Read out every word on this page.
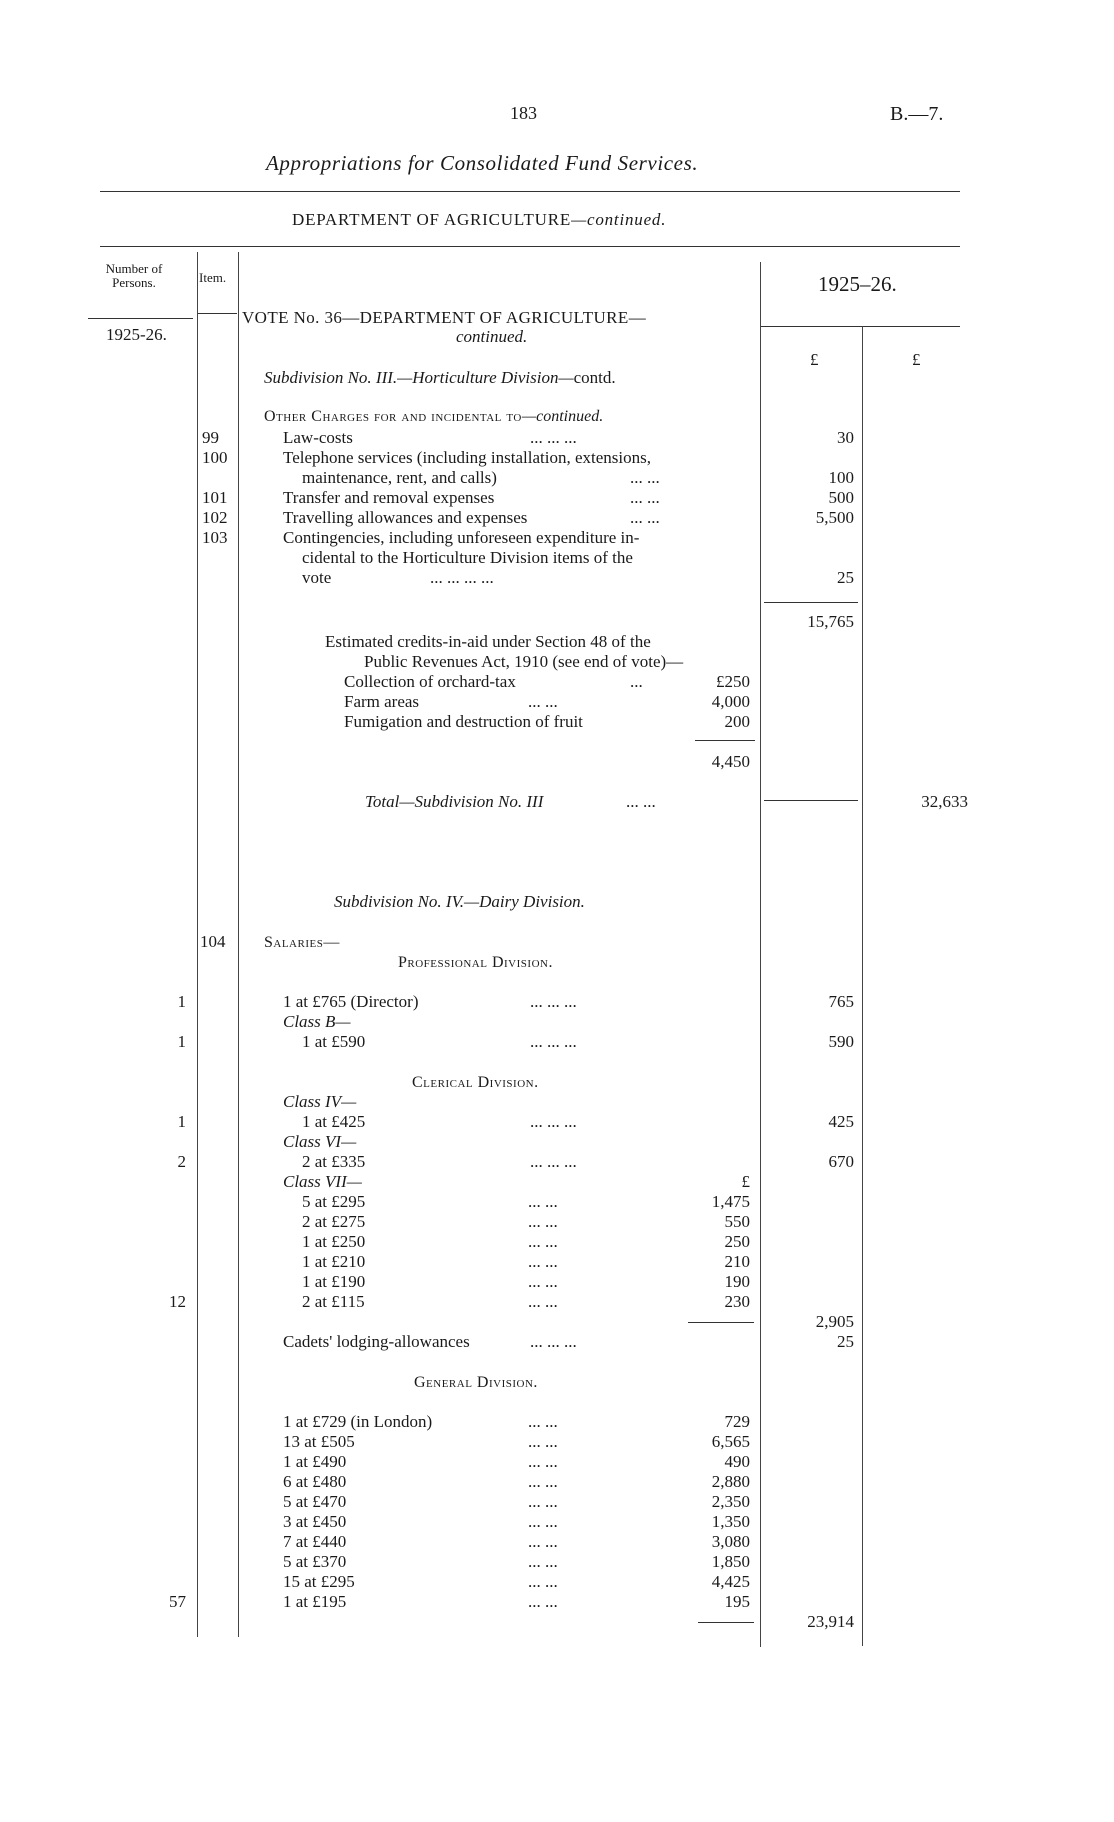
183	B.—7.
Appropriations for Consolidated Fund Services.
DEPARTMENT OF AGRICULTURE—continued.
Number of Persons.	Item.	1925–26.
1925-26.
£	£
VOTE No. 36—DEPARTMENT OF AGRICULTURE—
continued.
Subdivision No. III.—Horticulture Division—contd.
Other Charges for and incidental to—continued.
99	Law-costs	... ... ...	30
100	Telephone services (including installation, extensions,
maintenance, rent, and calls)	... ...	100
101	Transfer and removal expenses	... ...	500
102	Travelling allowances and expenses	... ...	5,500
103	Contingencies, including unforeseen expenditure in-
cidental to the Horticulture Division items of the
vote	... ... ... ...	25
15,765
Estimated credits-in-aid under Section 48 of the
Public Revenues Act, 1910 (see end of vote)—
Collection of orchard-tax	...	£250
Farm areas	... ...	4,000
Fumigation and destruction of fruit	200
4,450
Total—Subdivision No. III	... ...	32,633
Subdivision No. IV.—Dairy Division.
104 Salaries—
Professional Division.
1	1 at £765 (Director)	... ... ...	765
Class B—
1	1 at £590	... ... ...	590
Clerical Division.
Class IV—
1	1 at £425	... ... ...	425
Class VI—
2	2 at £335	... ... ...	670
Class VII—	£
5 at £295	... ...	1,475
2 at £275	... ...	550
1 at £250	... ...	250
1 at £210	... ...	210
1 at £190	... ...	190
12	2 at £115	... ...	230
2,905
Cadets' lodging-allowances	... ... ...	25
General Division.
1 at £729 (in London)	... ...	729
13 at £505	... ...	6,565
1 at £490	... ...	490
6 at £480	... ...	2,880
5 at £470	... ...	2,350
3 at £450	... ...	1,350
7 at £440	... ...	3,080
5 at £370	... ...	1,850
15 at £295	... ...	4,425
57	1 at £195	... ...	195
23,914
